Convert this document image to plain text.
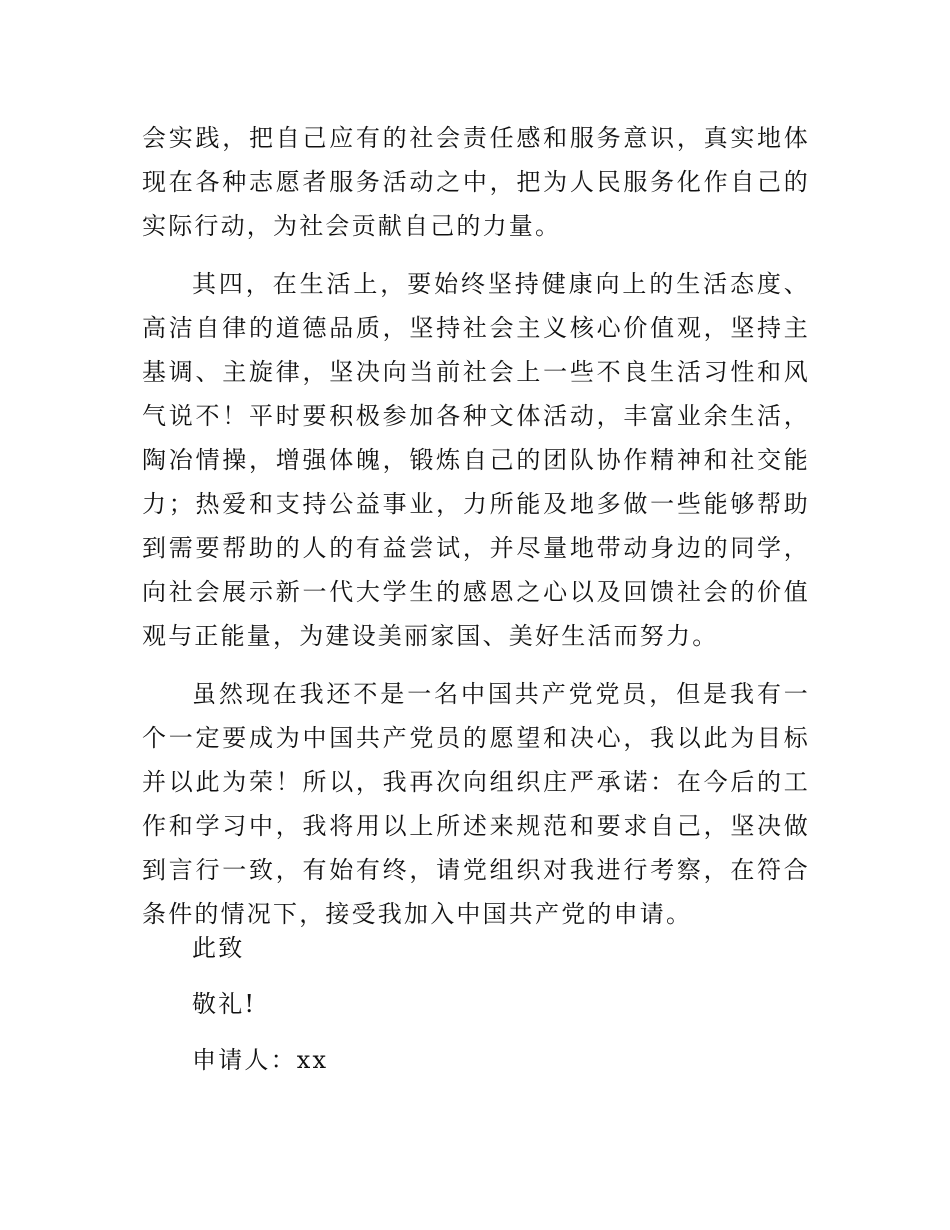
会实践，把自己应有的社会责任感和服务意识，真实地体现在各种志愿者服务活动之中，把为人民服务化作自己的实际行动，为社会贡献自己的力量。

其四，在生活上，要始终坚持健康向上的生活态度、高洁自律的道德品质，坚持社会主义核心价值观，坚持主基调、主旋律，坚决向当前社会上一些不良生活习性和风气说不！平时要积极参加各种文体活动，丰富业余生活，陶冶情操，增强体魄，锻炼自己的团队协作精神和社交能力；热爱和支持公益事业，力所能及地多做一些能够帮助到需要帮助的人的有益尝试，并尽量地带动身边的同学，向社会展示新一代大学生的感恩之心以及回馈社会的价值观与正能量，为建设美丽家国、美好生活而努力。

虽然现在我还不是一名中国共产党党员，但是我有一个一定要成为中国共产党员的愿望和决心，我以此为目标并以此为荣！所以，我再次向组织庄严承诺：在今后的工作和学习中，我将用以上所述来规范和要求自己，坚决做到言行一致，有始有终，请党组织对我进行考察，在符合条件的情况下，接受我加入中国共产党的申请。

此致

敬礼!

申请人：xx
